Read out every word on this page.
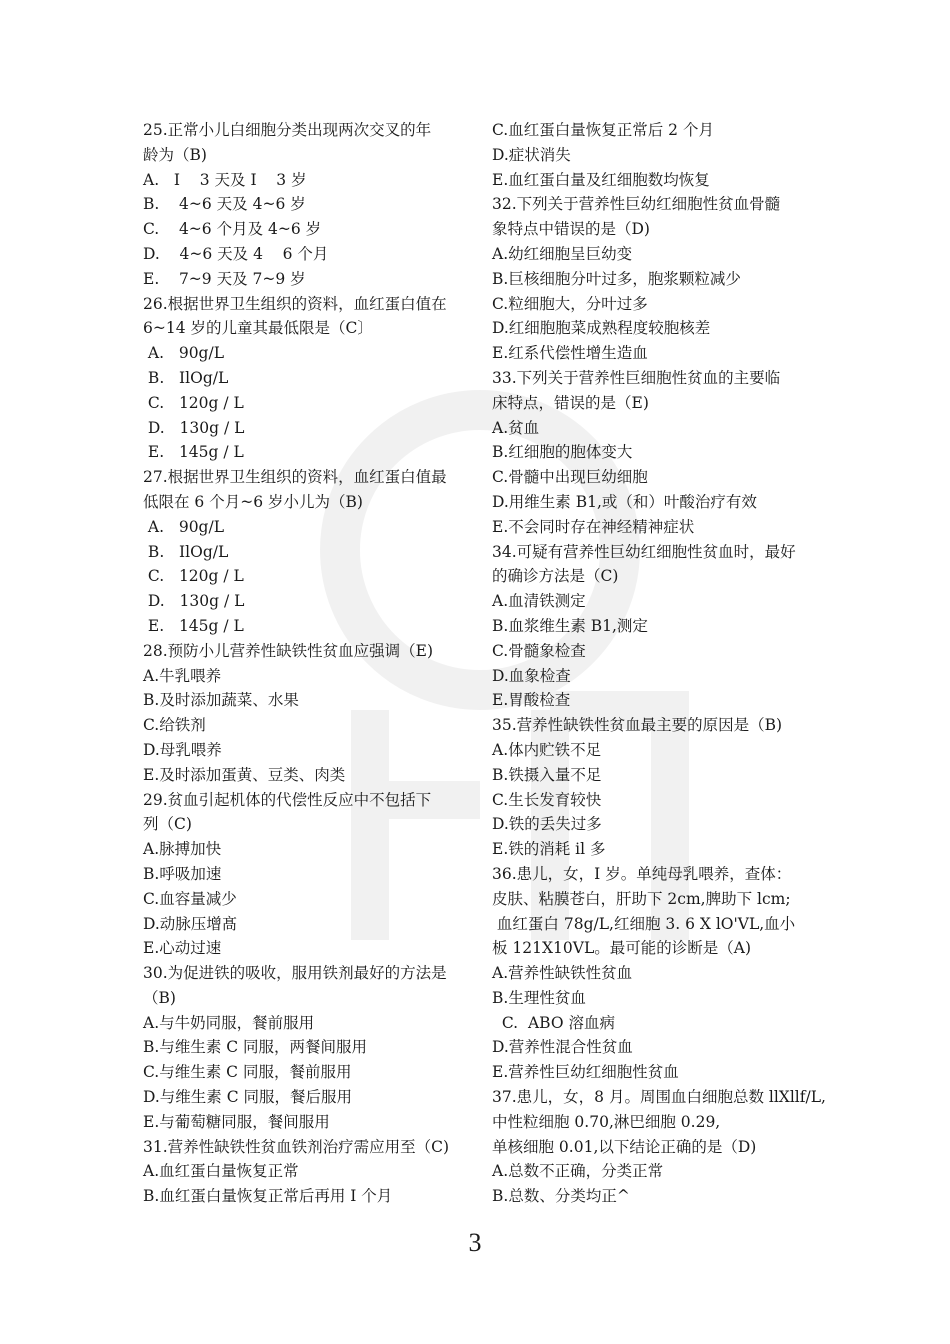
25.正常小儿白细胞分类出现两次交叉的年
龄为（B)
A.   I    3 天及 I    3 岁
B.    4~6 天及 4~6 岁
C.    4~6 个月及 4~6 岁
D.    4~6 天及 4    6 个月
E.    7~9 天及 7~9 岁
26.根据世界卫生组织的资料，血红蛋白值在
6~14 岁的儿童其最低限是（C〕
A.   90g/L
B.   IlOg/L
C.   120g / L
D.   130g / L
E.   145g / L
27.根据世界卫生组织的资料，血红蛋白值最
低限在 6 个月~6 岁小儿为（B)
A.   90g/L
B.   IlOg/L
C.   120g / L
D.   130g / L
E.   145g / L
28.预防小儿营养性缺铁性贫血应强调（E)
A.牛乳喂养
B.及时添加蔬菜、水果
C.给铁剂
D.母乳喂养
E.及时添加蛋黄、豆类、肉类
29.贫血引起机体的代偿性反应中不包括下
列（C)
A.脉搏加快
B.呼吸加速
C.血容量减少
D.动脉压增髙
E.心动过速
30.为促进铁的吸收，服用铁剂最好的方法是
（B)
A.与牛奶同服，餐前服用
B.与维生素 C 同服，两餐间服用
C.与维生素 C 同服，餐前服用
D.与维生素 C 同服，餐后服用
E.与葡萄糖同服，餐间服用
31.营养性缺铁性贫血铁剂治疗需应用至（C)
A.血红蛋白量恢复正常
B.血红蛋白量恢复正常后再用 I 个月
C.血红蛋白量恢复正常后 2 个月
D.症状消失
E.血红蛋白量及红细胞数均恢复
32.下列关于营养性巨幼红细胞性贫血骨髓
象特点中错误的是（D)
A.幼红细胞呈巨幼变
B.巨核细胞分叶过多，胞浆颗粒减少
C.粒细胞大，分叶过多
D.红细胞胞菜成熟程度较胞核差
E.红系代偿性增生造血
33.下列关于营养性巨细胞性贫血的主要临
床特点，错误的是（E)
A.贫血
B.红细胞的胞体变大
C.骨髓中出现巨幼细胞
D.用维生素 B1,或（和）叶酸治疗有效
E.不会同时存在神经精神症状
34.可疑有营养性巨幼红细胞性贫血时，最好
的确诊方法是（C)
A.血清铁测定
B.血浆维生素 B1,测定
C.骨髓象检查
D.血象检查
E.胃酸检查
35.营养性缺铁性贫血最主要的原因是（B)
A.体内贮铁不足
B.铁摄入量不足
C.生长发育较快
D.铁的丢失过多
E.铁的消耗 il 多
36.患儿，女，I 岁。单纯母乳喂养，查体：
皮肤、粘膜苍白，肝助下 2cm,脾助下 lcm;
血红蛋白 78g/L,红细胞 3. 6 X lO'VL,血小
板 121X10VL。最可能的诊断是（A)
A.营养性缺铁性贫血
B.生理性贫血
C.  ABO 溶血病
D.营养性混合性贫血
E.营养性巨幼红细胞性贫血
37.患儿，女，8 月。周围血白细胞总数 llXllf/L,
中性粒细胞 0.70,淋巴细胞 0.29,
单核细胞 0.01,以下结论正确的是（D)
A.总数不正确，分类正常
B.总数、分类均正^
3
